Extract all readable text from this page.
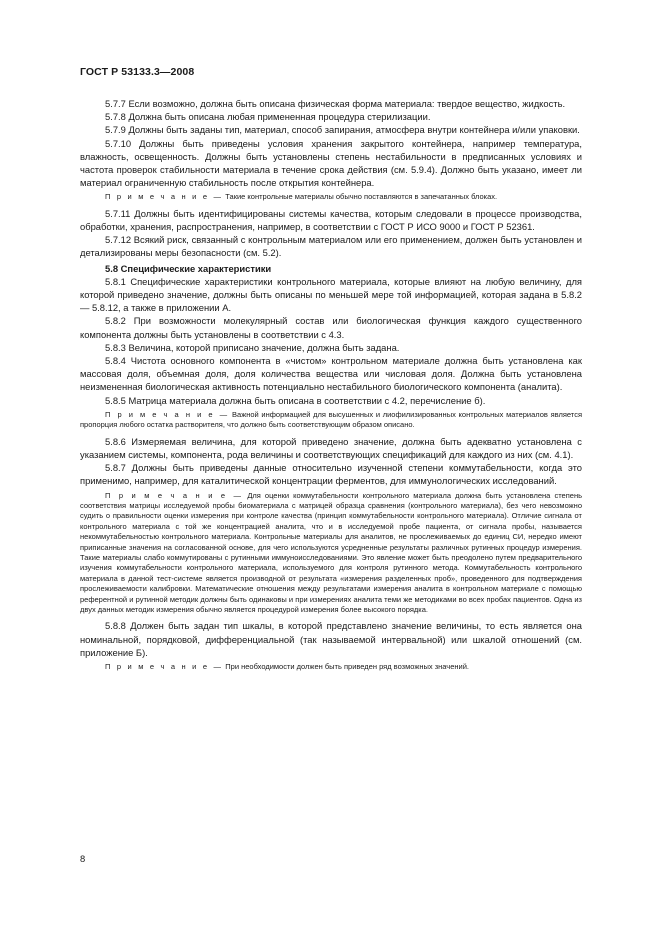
ГОСТ Р 53133.3—2008

5.7.7 Если возможно, должна быть описана физическая форма материала: твердое вещество, жидкость.

5.7.8 Должна быть описана любая примененная процедура стерилизации.

5.7.9 Должны быть заданы тип, материал, способ запирания, атмосфера внутри контейнера и/или упаковки.

5.7.10 Должны быть приведены условия хранения закрытого контейнера, например температура, влажность, освещенность. Должны быть установлены степень нестабильности в предписанных условиях и частота проверок стабильности материала в течение срока действия (см. 5.9.4). Должно быть указано, имеет ли материал ограниченную стабильность после открытия контейнера.

П р и м е ч а н и е — Такие контрольные материалы обычно поставляются в запечатанных блоках.

5.7.11 Должны быть идентифицированы системы качества, которым следовали в процессе производства, обработки, хранения, распространения, например, в соответствии с ГОСТ Р ИСО 9000 и ГОСТ Р 52361.

5.7.12 Всякий риск, связанный с контрольным материалом или его применением, должен быть установлен и детализированы меры безопасности (см. 5.2).

5.8 Специфические характеристики

5.8.1 Специфические характеристики контрольного материала, которые влияют на любую величину, для которой приведено значение, должны быть описаны по меньшей мере той информацией, которая задана в 5.8.2 — 5.8.12, а также в приложении А.

5.8.2 При возможности молекулярный состав или биологическая функция каждого существенного компонента должны быть установлены в соответствии с 4.3.

5.8.3 Величина, которой приписано значение, должна быть задана.

5.8.4 Чистота основного компонента в «чистом» контрольном материале должна быть установлена как массовая доля, объемная доля, доля количества вещества или числовая доля. Должна быть установлена неизмененная биологическая активность потенциально нестабильного биологического компонента (аналита).

5.8.5 Матрица материала должна быть описана в соответствии с 4.2, перечисление б).

П р и м е ч а н и е — Важной информацией для высушенных и лиофилизированных контрольных материалов является пропорция любого остатка растворителя, что должно быть соответствующим образом описано.

5.8.6 Измеряемая величина, для которой приведено значение, должна быть адекватно установлена с указанием системы, компонента, рода величины и соответствующих спецификаций для каждого из них (см. 4.1).

5.8.7 Должны быть приведены данные относительно изученной степени коммутабельности, когда это применимо, например, для каталитической концентрации ферментов, для иммунологических исследований.

П р и м е ч а н и е — Для оценки коммутабельности контрольного материала должна быть установлена степень соответствия матрицы исследуемой пробы биоматериала с матрицей образца сравнения (контрольного материала), без чего невозможно судить о правильности оценки измерения при контроле качества (принцип коммутабельности контрольного материала). Отличие сигнала от контрольного материала с той же концентрацией аналита, что и в исследуемой пробе пациента, от сигнала пробы, называется некоммутабельностью контрольного материала. Контрольные материалы для аналитов, не прослеживаемых до единиц СИ, нередко имеют приписанные значения на согласованной основе, для чего используются усредненные результаты различных рутинных процедур измерения. Такие материалы слабо коммутированы с рутинными иммуноисследованиями. Это явление может быть преодолено путем предварительного изучения коммутабельности контрольного материала, используемого для контроля рутинного метода. Коммутабельность контрольного материала в данной тест-системе является производной от результата «измерения разделенных проб», проведенного для подтверждения прослеживаемости калибровки. Математические отношения между результатами измерения аналита в контрольном материале с помощью референтной и рутинной методик должны быть одинаковы и при измерениях аналита теми же методиками во всех пробах пациентов. Одна из двух данных методик измерения обычно является процедурой измерения более высокого порядка.

5.8.8 Должен быть задан тип шкалы, в которой представлено значение величины, то есть является она номинальной, порядковой, дифференциальной (так называемой интервальной) или шкалой отношений (см. приложение Б).

П р и м е ч а н и е — При необходимости должен быть приведен ряд возможных значений.

8
